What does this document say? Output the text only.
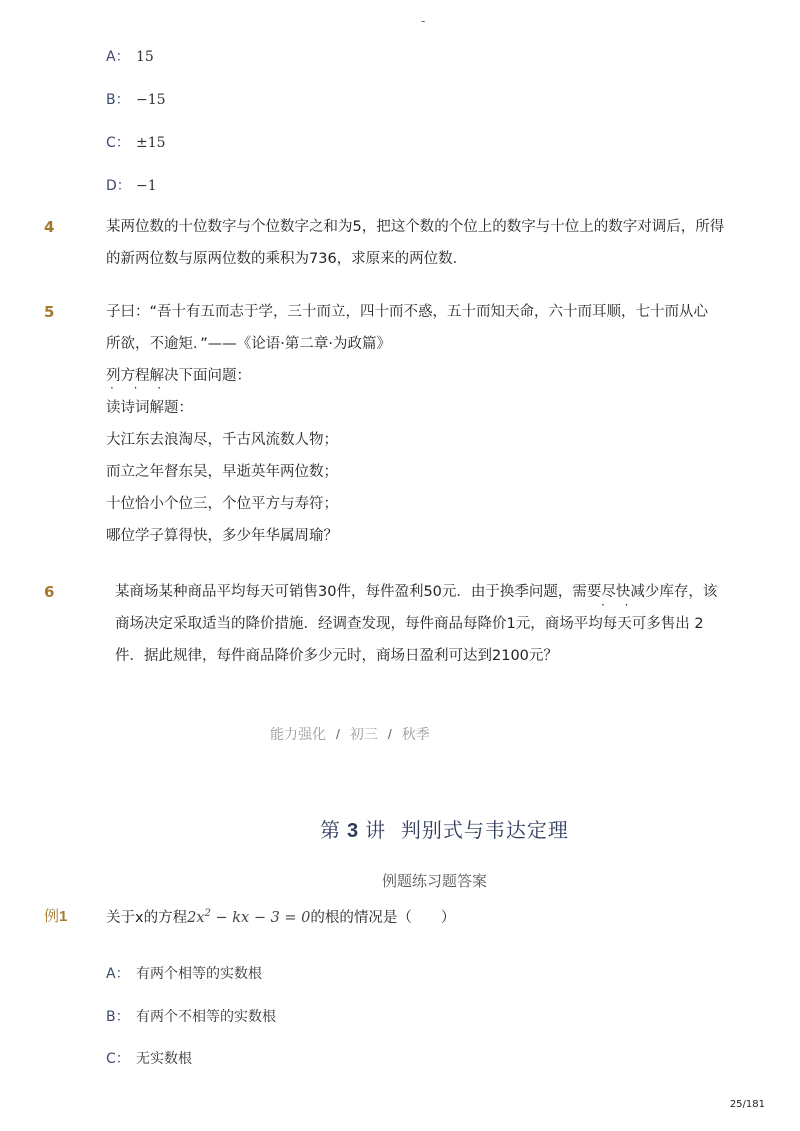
-
A： 15
B： −15
C： ±15
D： −1
4	某两位数的十位数字与个位数字之和为5，把这个数的个位上的数字与十位上的数字对调后，所得
的新两位数与原两位数的乘积为736，求原来的两位数．
5	子曰：“吾十有五而志于学，三十而立，四十而不惑，五十而知天命，六十而耳顺，七十而从心
所欲，不逾矩．”——《论语·第二章·为政篇》
列方程解决下面问题：
读诗词解题：
大江东去浪淘尽，千古风流数人物；
而立之年督东吴，早逝英年两位数；
十位恰小个位三，个位平方与寿符；
哪位学子算得快，多少年华属周瑜？
· · ·
6	某商场某种商品平均每天可销售30件，每件盈利50元．由于换季问题，需要尽快减少库存，该
商场决定采取适当的降价措施．经调查发现，每件商品每降价1元，商场平均每天可多售出 2
件．据此规律，每件商品降价多少元时，商场日盈利可达到2100元？
· ·
能力强化 / 初三 / 秋季
第 3 讲 判别式与韦达定理
例题练习题答案
例1	关于x的方程$2x^2$ − kx − 3 = 0的根的情况是（　　）
A： 有两个相等的实数根
B： 有两个不相等的实数根
C： 无实数根
25/181
